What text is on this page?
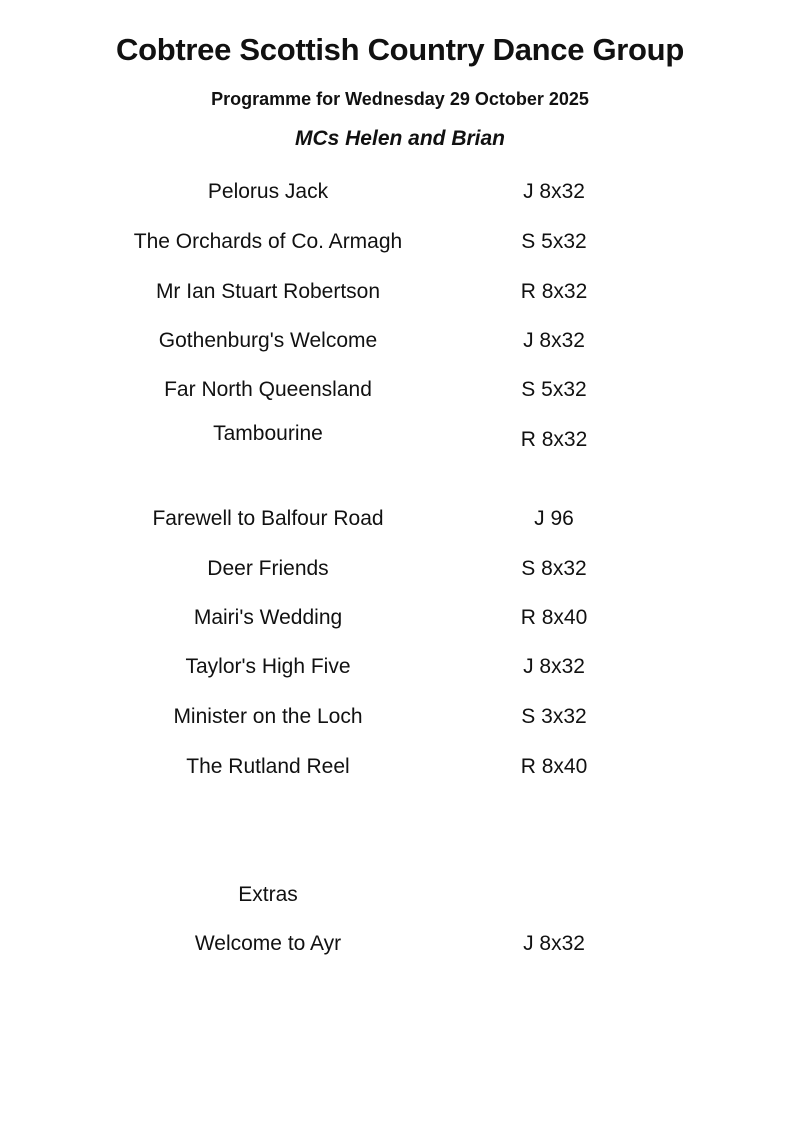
Cobtree Scottish Country Dance Group
Programme for Wednesday 29 October 2025
MCs Helen and Brian
Pelorus Jack	J 8x32
The Orchards of Co. Armagh	S 5x32
Mr Ian Stuart Robertson	R 8x32
Gothenburg's Welcome	J 8x32
Far North Queensland	S 5x32
Tambourine	R 8x32
Farewell to Balfour Road	J 96
Deer Friends	S 8x32
Mairi's Wedding	R 8x40
Taylor's High Five	J 8x32
Minister on the Loch	S 3x32
The Rutland Reel	R 8x40
Extras
Welcome to Ayr	J 8x32
